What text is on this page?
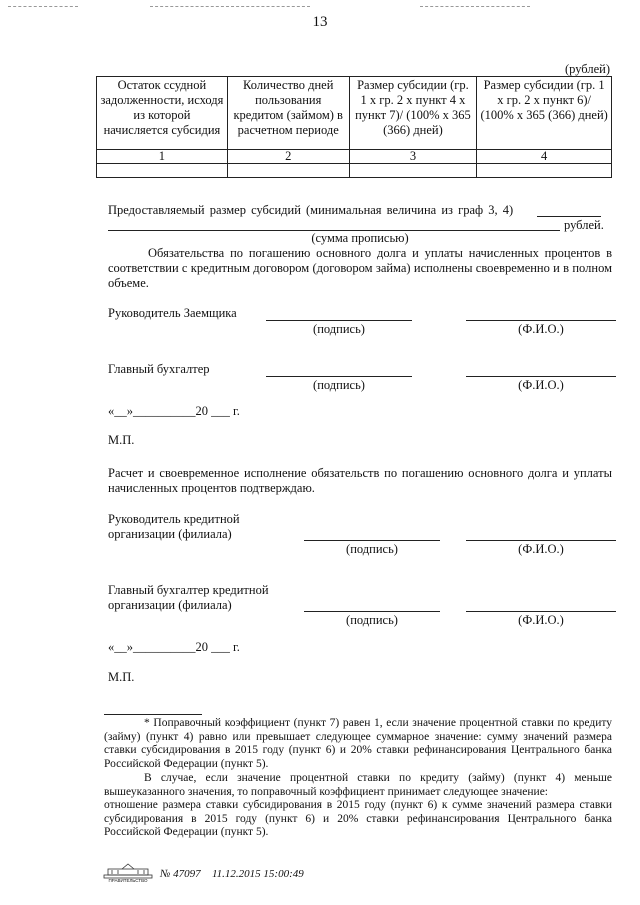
13
(рублей)
Остаток ссудной задолженности, исходя из которой начисляется субсидия	Количество дней пользования кредитом (займом) в расчетном периоде	Размер субсидии (гр. 1 х гр. 2 х пункт 4 х пункт 7)/ (100% х 365 (366) дней)	Размер субсидии (гр. 1 х гр. 2 х пункт 6)/ (100% х 365 (366) дней)
1	2	3	4

Предоставляемый размер субсидий (минимальная величина из граф 3, 4)
рублей.
(сумма прописью)
Обязательства по погашению основного долга и уплаты начисленных процентов в соответствии с кредитным договором (договором займа) исполнены своевременно и в полном объеме.
Руководитель Заемщика
(подпись)	(Ф.И.О.)
Главный бухгалтер
(подпись)	(Ф.И.О.)
«__»__________20 ___ г.
М.П.
Расчет и своевременное исполнение обязательств по погашению основного долга и уплаты начисленных процентов подтверждаю.
Руководитель кредитной
организации (филиала)
(подпись)	(Ф.И.О.)
Главный бухгалтер кредитной
организации (филиала)
(подпись)	(Ф.И.О.)
«__»__________20 ___ г.
М.П.
* Поправочный коэффициент (пункт 7) равен 1, если значение процентной ставки по кредиту (займу) (пункт 4) равно или превышает следующее суммарное значение: сумму значений размера ставки субсидирования в 2015 году (пункт 6) и 20% ставки рефинансирования Центрального банка Российской Федерации (пункт 5).
В случае, если значение процентной ставки по кредиту (займу) (пункт 4) меньше вышеуказанного значения, то поправочный коэффициент принимает следующее значение:
отношение размера ставки субсидирования в 2015 году (пункт 6) к сумме значений размера ставки субсидирования в 2015 году (пункт 6) и 20% ставки рефинансирования Центрального банка Российской Федерации (пункт 5).
ПРАВИТЕЛЬСТВО
№ 47097 11.12.2015 15:00:49
